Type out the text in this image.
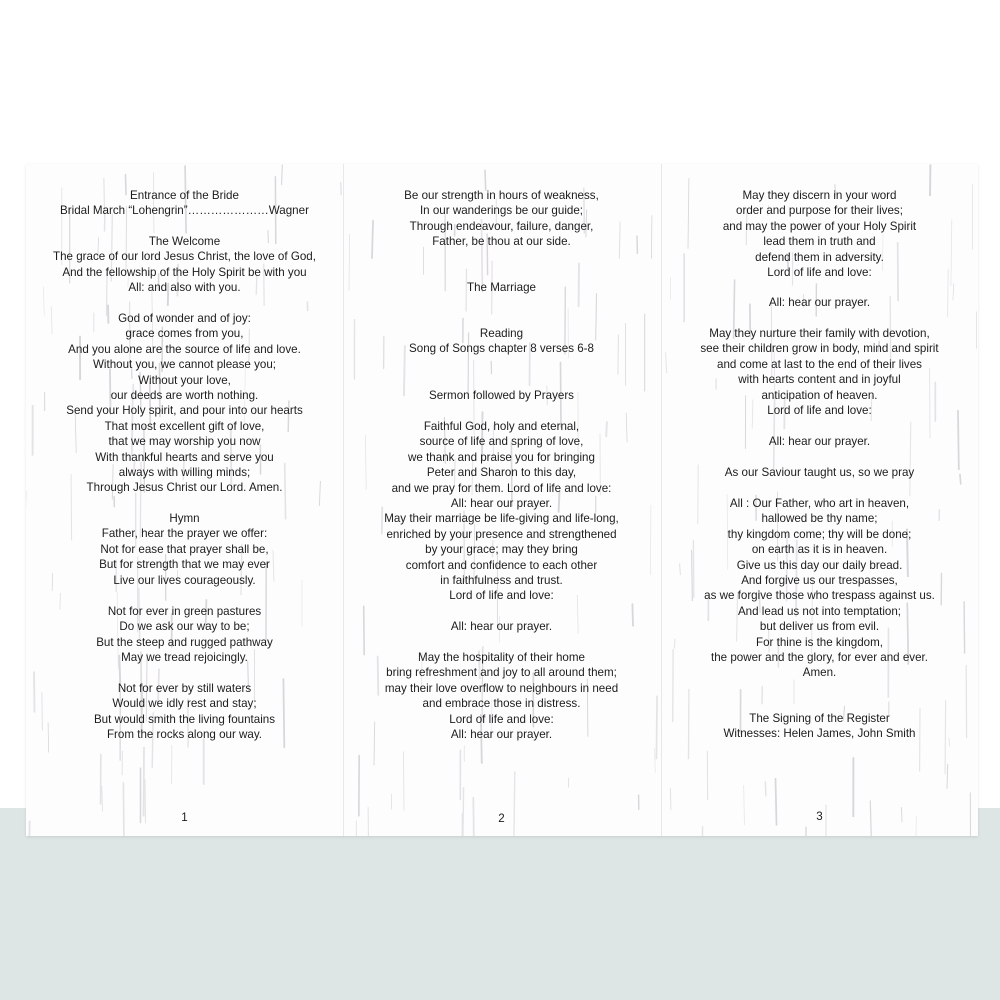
Entrance of the Bride
Bridal March “Lohengrin”…………………Wagner
The Welcome
The grace of our lord Jesus Christ, the love of God,
And the fellowship of the Holy Spirit be with you
All: and also with you.
God of wonder and of joy:
grace comes from you,
And you alone are the source of life and love.
Without you, we cannot please you;
Without your love,
our deeds are worth nothing.
Send your Holy spirit, and pour into our hearts
That most excellent gift of love,
that we may worship you now
With thankful hearts and serve you
always with willing minds;
Through Jesus Christ our Lord. Amen.
Hymn
Father, hear the prayer we offer:
Not for ease that prayer shall be,
But for strength that we may ever
Live our lives courageously.
Not for ever in green pastures
Do we ask our way to be;
But the steep and rugged pathway
May we tread rejoicingly.
Not for ever by still waters
Would we idly rest and stay;
But would smith the living fountains
From the rocks along our way.
1
Be our strength in hours of weakness,
In our wanderings be our guide;
Through endeavour, failure, danger,
Father, be thou at our side.
The Marriage
Reading
Song of Songs chapter 8 verses 6-8
Sermon followed by Prayers
Faithful God, holy and eternal,
source of life and spring of love,
we thank and praise you for bringing
Peter and Sharon to this day,
and we pray for them. Lord of life and love:
All: hear our prayer.
May their marriage be life-giving and life-long,
enriched by your presence and strengthened
by your grace; may they bring
comfort and confidence to each other
in faithfulness and trust.
Lord of life and love:
All: hear our prayer.
May the hospitality of their home
bring refreshment and joy to all around them;
may their love overflow to neighbours in need
and embrace those in distress.
Lord of life and love:
All: hear our prayer.
2
May they discern in your word
order and purpose for their lives;
and may the power of your Holy Spirit
lead them in truth and
defend them in adversity.
Lord of life and love:
All: hear our prayer.
May they nurture their family with devotion,
see their children grow in body, mind and spirit
and come at last to the end of their lives
with hearts content and in joyful
anticipation of heaven.
Lord of life and love:
All: hear our prayer.
As our Saviour taught us, so we pray
All : Our Father, who art in heaven,
hallowed be thy name;
thy kingdom come; thy will be done;
on earth as it is in heaven.
Give us this day our daily bread.
And forgive us our trespasses,
as we forgive those who trespass against us.
And lead us not into temptation;
but deliver us from evil.
For thine is the kingdom,
the power and the glory, for ever and ever.
Amen.
The Signing of the Register
Witnesses: Helen James, John Smith
3
